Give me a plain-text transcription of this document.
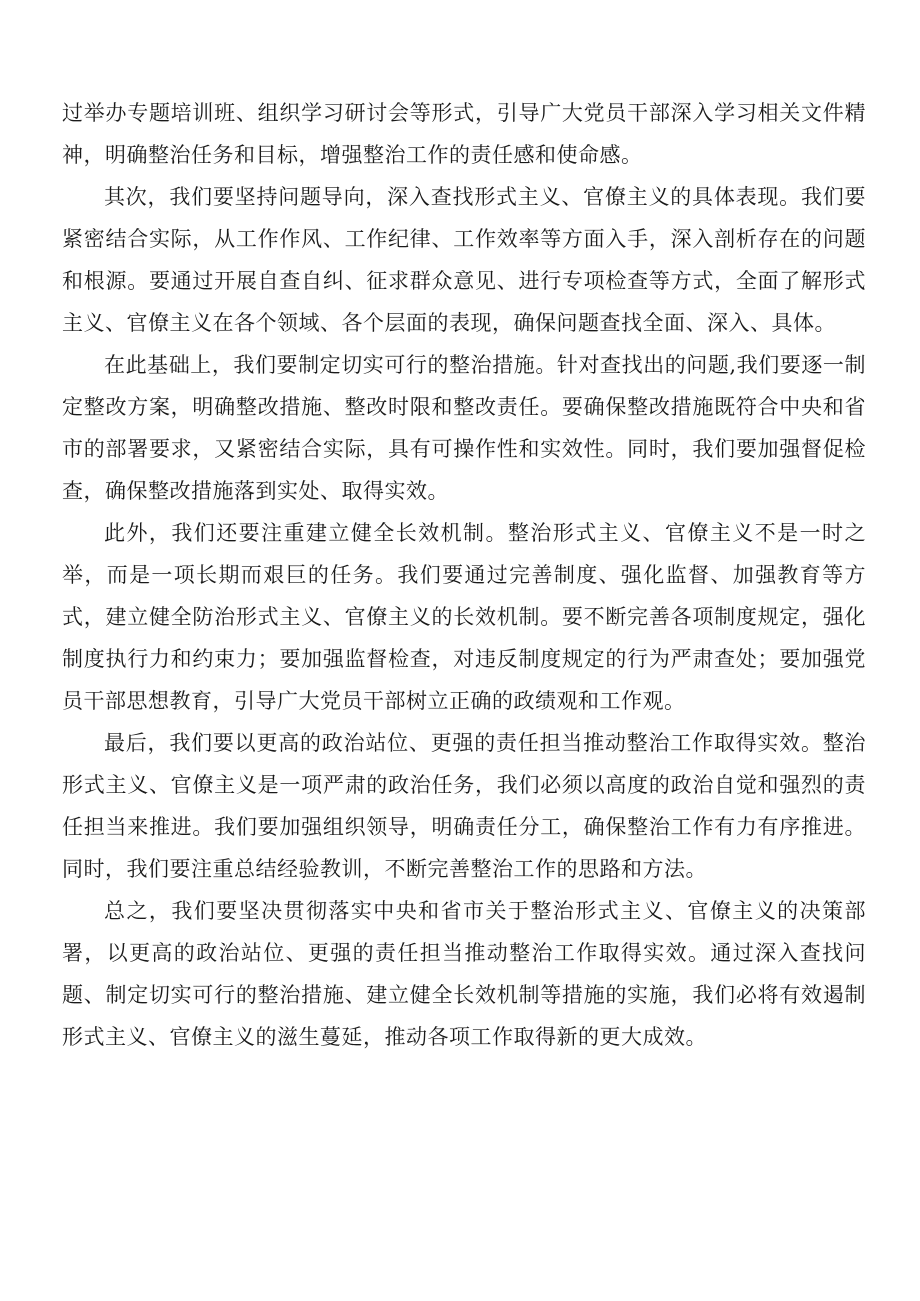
过举办专题培训班、组织学习研讨会等形式，引导广大党员干部深入学习相关文件精神，明确整治任务和目标，增强整治工作的责任感和使命感。

其次，我们要坚持问题导向，深入查找形式主义、官僚主义的具体表现。我们要紧密结合实际，从工作作风、工作纪律、工作效率等方面入手，深入剖析存在的问题和根源。要通过开展自查自纠、征求群众意见、进行专项检查等方式，全面了解形式主义、官僚主义在各个领域、各个层面的表现，确保问题查找全面、深入、具体。

在此基础上，我们要制定切实可行的整治措施。针对查找出的问题,我们要逐一制定整改方案，明确整改措施、整改时限和整改责任。要确保整改措施既符合中央和省市的部署要求，又紧密结合实际，具有可操作性和实效性。同时，我们要加强督促检查，确保整改措施落到实处、取得实效。

此外，我们还要注重建立健全长效机制。整治形式主义、官僚主义不是一时之举，而是一项长期而艰巨的任务。我们要通过完善制度、强化监督、加强教育等方式，建立健全防治形式主义、官僚主义的长效机制。要不断完善各项制度规定，强化制度执行力和约束力；要加强监督检查，对违反制度规定的行为严肃查处；要加强党员干部思想教育，引导广大党员干部树立正确的政绩观和工作观。

最后，我们要以更高的政治站位、更强的责任担当推动整治工作取得实效。整治形式主义、官僚主义是一项严肃的政治任务，我们必须以高度的政治自觉和强烈的责任担当来推进。我们要加强组织领导，明确责任分工，确保整治工作有力有序推进。同时，我们要注重总结经验教训，不断完善整治工作的思路和方法。

总之，我们要坚决贯彻落实中央和省市关于整治形式主义、官僚主义的决策部署，以更高的政治站位、更强的责任担当推动整治工作取得实效。通过深入查找问题、制定切实可行的整治措施、建立健全长效机制等措施的实施，我们必将有效遏制形式主义、官僚主义的滋生蔓延，推动各项工作取得新的更大成效。
